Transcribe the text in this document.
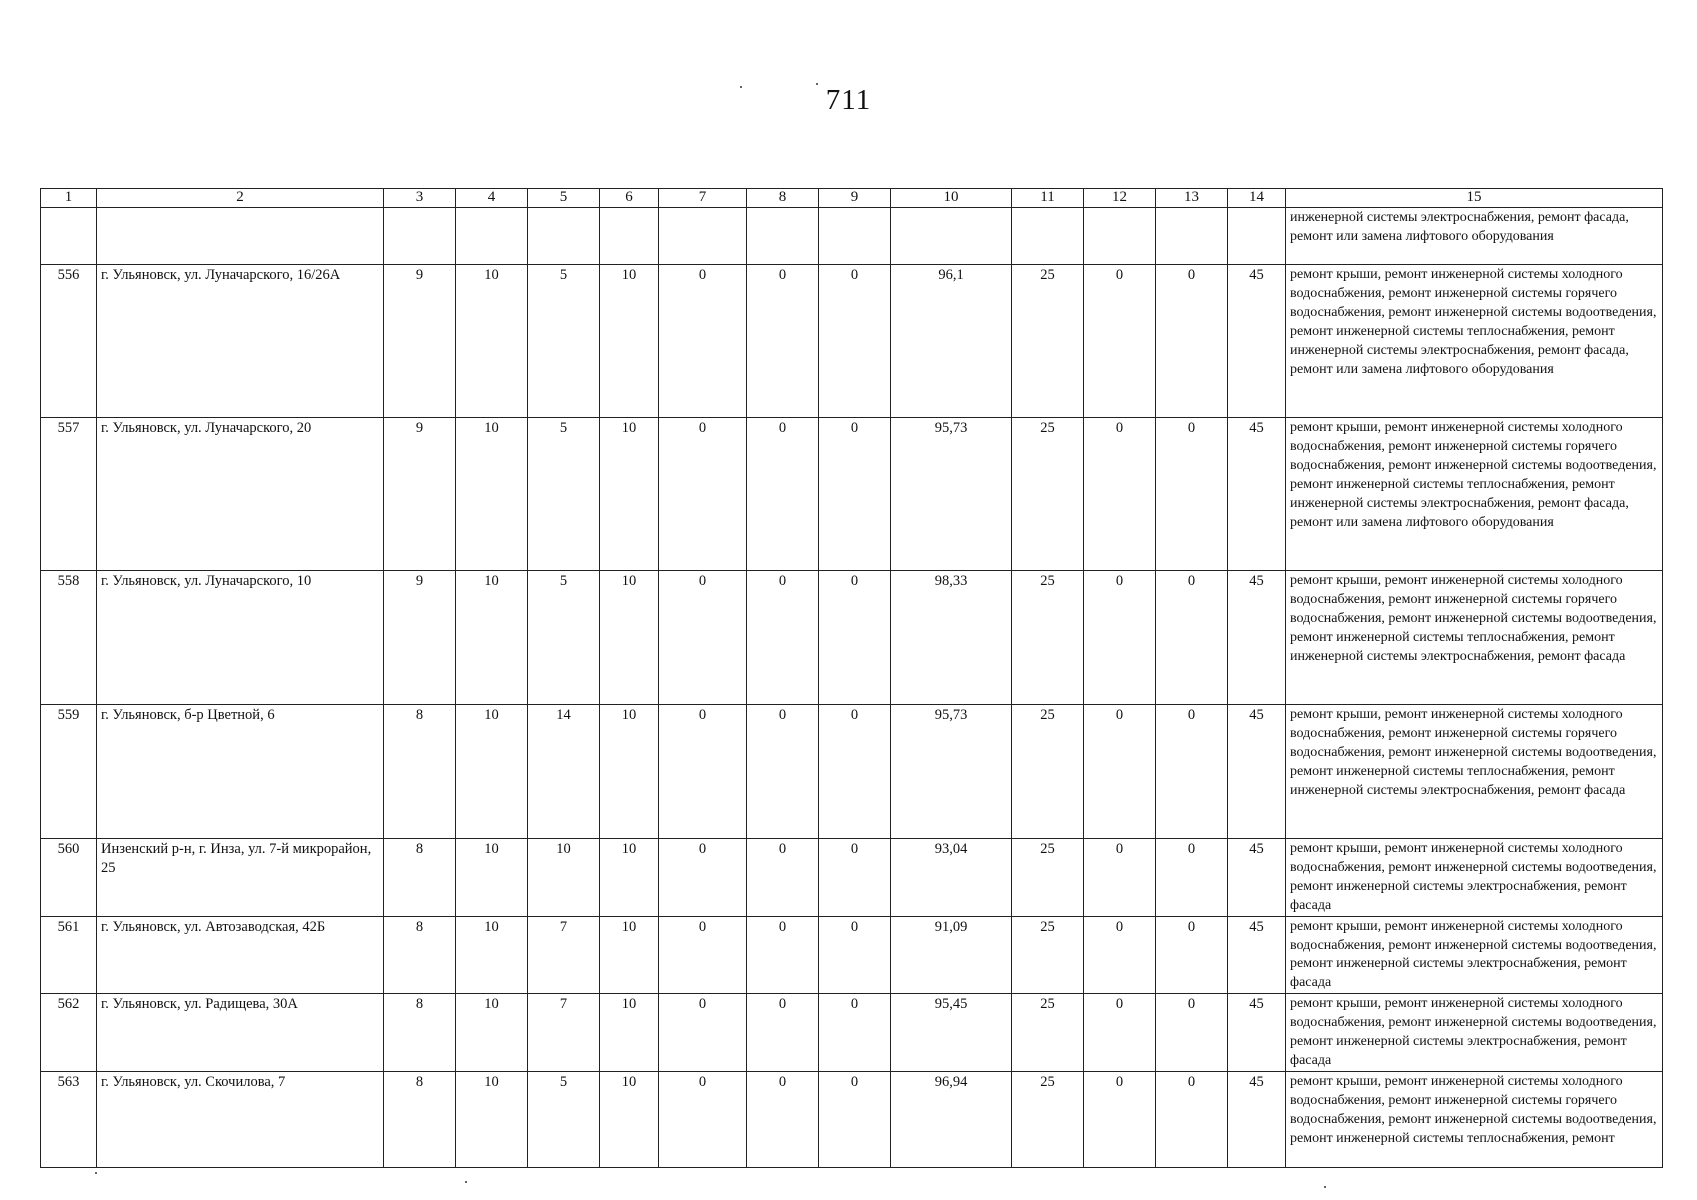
711
1	2	3	4	5	6	7	8	9	10	11	12	13	14	15
														инженерной системы электроснабжения, ремонт фасада, ремонт или замена лифтового оборудования
556	г. Ульяновск, ул. Луначарского, 16/26А	9	10	5	10	0	0	0	96,1	25	0	0	45	ремонт крыши, ремонт инженерной системы холодного водоснабжения, ремонт инженерной системы горячего водоснабжения, ремонт инженерной системы водоотведения, ремонт инженерной системы теплоснабжения, ремонт инженерной системы электроснабжения, ремонт фасада, ремонт или замена лифтового оборудования
557	г. Ульяновск, ул. Луначарского, 20	9	10	5	10	0	0	0	95,73	25	0	0	45	ремонт крыши, ремонт инженерной системы холодного водоснабжения, ремонт инженерной системы горячего водоснабжения, ремонт инженерной системы водоотведения, ремонт инженерной системы теплоснабжения, ремонт инженерной системы электроснабжения, ремонт фасада, ремонт или замена лифтового оборудования
558	г. Ульяновск, ул. Луначарского, 10	9	10	5	10	0	0	0	98,33	25	0	0	45	ремонт крыши, ремонт инженерной системы холодного водоснабжения, ремонт инженерной системы горячего водоснабжения, ремонт инженерной системы водоотведения, ремонт инженерной системы теплоснабжения, ремонт инженерной системы электроснабжения, ремонт фасада
559	г. Ульяновск, б-р Цветной, 6	8	10	14	10	0	0	0	95,73	25	0	0	45	ремонт крыши, ремонт инженерной системы холодного водоснабжения, ремонт инженерной системы горячего водоснабжения, ремонт инженерной системы водоотведения, ремонт инженерной системы теплоснабжения, ремонт инженерной системы электроснабжения, ремонт фасада
560	Инзенский р-н, г. Инза, ул. 7-й микрорайон, 25	8	10	10	10	0	0	0	93,04	25	0	0	45	ремонт крыши, ремонт инженерной системы холодного водоснабжения, ремонт инженерной системы водоотведения, ремонт инженерной системы электроснабжения, ремонт фасада
561	г. Ульяновск, ул. Автозаводская, 42Б	8	10	7	10	0	0	0	91,09	25	0	0	45	ремонт крыши, ремонт инженерной системы холодного водоснабжения, ремонт инженерной системы водоотведения, ремонт инженерной системы электроснабжения, ремонт фасада
562	г. Ульяновск, ул. Радищева, 30А	8	10	7	10	0	0	0	95,45	25	0	0	45	ремонт крыши, ремонт инженерной системы холодного водоснабжения, ремонт инженерной системы водоотведения, ремонт инженерной системы электроснабжения, ремонт фасада
563	г. Ульяновск, ул. Скочилова, 7	8	10	5	10	0	0	0	96,94	25	0	0	45	ремонт крыши, ремонт инженерной системы холодного водоснабжения, ремонт инженерной системы горячего водоснабжения, ремонт инженерной системы водоотведения, ремонт инженерной системы теплоснабжения, ремонт
